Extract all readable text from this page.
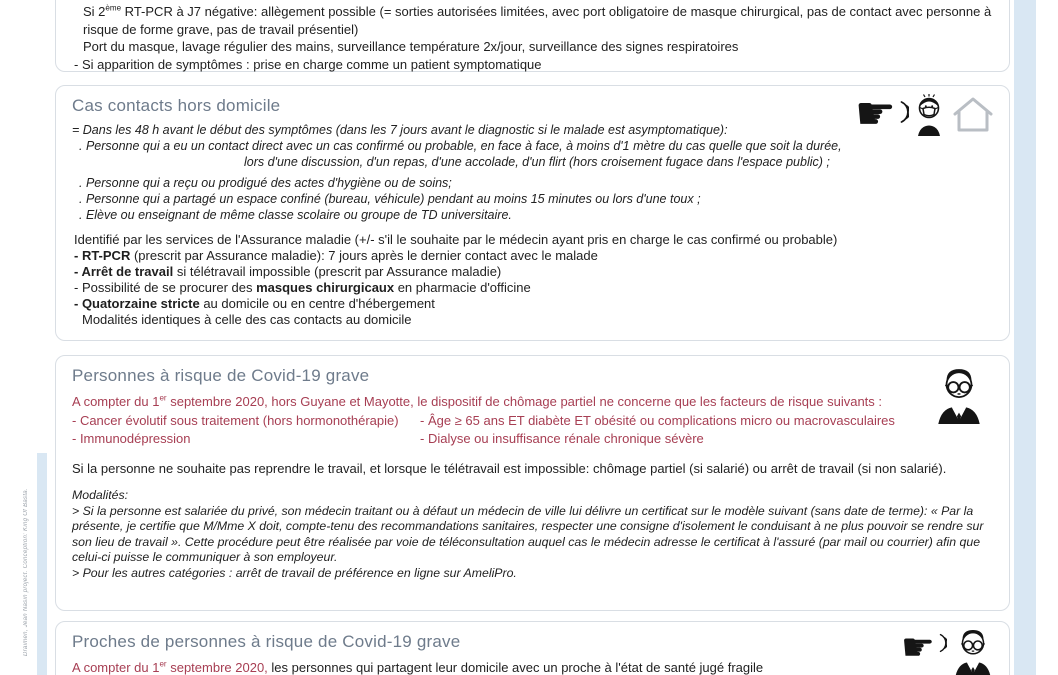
Draimen, Jean Nasin project. Conception: King Of Basta.

Si 2ème RT-PCR à J7 négative: allègement possible (= sorties autorisées limitées, avec port obligatoire de masque chirurgical, pas de contact avec personne à risque de forme grave, pas de travail présentiel)

Port du masque, lavage régulier des mains, surveillance température 2x/jour, surveillance des signes respiratoires

- Si apparition de symptômes : prise en charge comme un patient symptomatique

☛
Cas contacts hors domicile

= Dans les 48 h avant le début des symptômes (dans les 7 jours avant le diagnostic si le malade est asymptomatique):

. Personne qui a eu un contact direct avec un cas confirmé ou probable, en face à face, à moins d'1 mètre du cas quelle que soit la durée,

lors d'une discussion, d'un repas, d'une accolade, d'un flirt (hors croisement fugace dans l'espace public) ;

. Personne qui a reçu ou prodigué des actes d'hygiène ou de soins;

. Personne qui a partagé un espace confiné (bureau, véhicule) pendant au moins 15 minutes ou lors d'une toux ;

. Elève ou enseignant de même classe scolaire ou groupe de TD universitaire.

Identifié par les services de l'Assurance maladie (+/- s'il le souhaite par le médecin ayant pris en charge le cas confirmé ou probable)

- RT-PCR (prescrit par Assurance maladie): 7 jours après le dernier contact avec le malade

- Arrêt de travail si télétravail impossible (prescrit par Assurance maladie)

- Possibilité de se procurer des masques chirurgicaux en pharmacie d'officine

- Quatorzaine stricte au domicile ou en centre d'hébergement

Modalités identiques à celle des cas contacts au domicile

Personnes à risque de Covid-19 grave

A compter du 1er septembre 2020, hors Guyane et Mayotte, le dispositif de chômage partiel ne concerne que les facteurs de risque suivants :

- Cancer évolutif sous traitement (hors hormonothérapie)

- Immunodépression

- Âge ≥ 65 ans ET diabète ET obésité ou complications micro ou macrovasculaires

- Dialyse ou insuffisance rénale chronique sévère

Si la personne ne souhaite pas reprendre le travail, et lorsque le télétravail est impossible: chômage partiel (si salarié) ou arrêt de travail (si non salarié).

Modalités:

> Si la personne est salariée du privé, son médecin traitant ou à défaut un médecin de ville lui délivre un certificat sur le modèle suivant (sans date de terme): « Par la présente, je certifie que M/Mme X doit, compte-tenu des recommandations sanitaires, respecter une consigne d'isolement le conduisant à ne plus pouvoir se rendre sur son lieu de travail ». Cette procédure peut être réalisée par voie de téléconsultation auquel cas le médecin adresse le certificat à l'assuré (par mail ou courrier) afin que celui-ci puisse le communiquer à son employeur.

> Pour les autres catégories : arrêt de travail de préférence en ligne sur AmeliPro.

☛
Proches de personnes à risque de Covid-19 grave

A compter du 1er septembre 2020, les personnes qui partagent leur domicile avec un proche à l'état de santé jugé fragile
